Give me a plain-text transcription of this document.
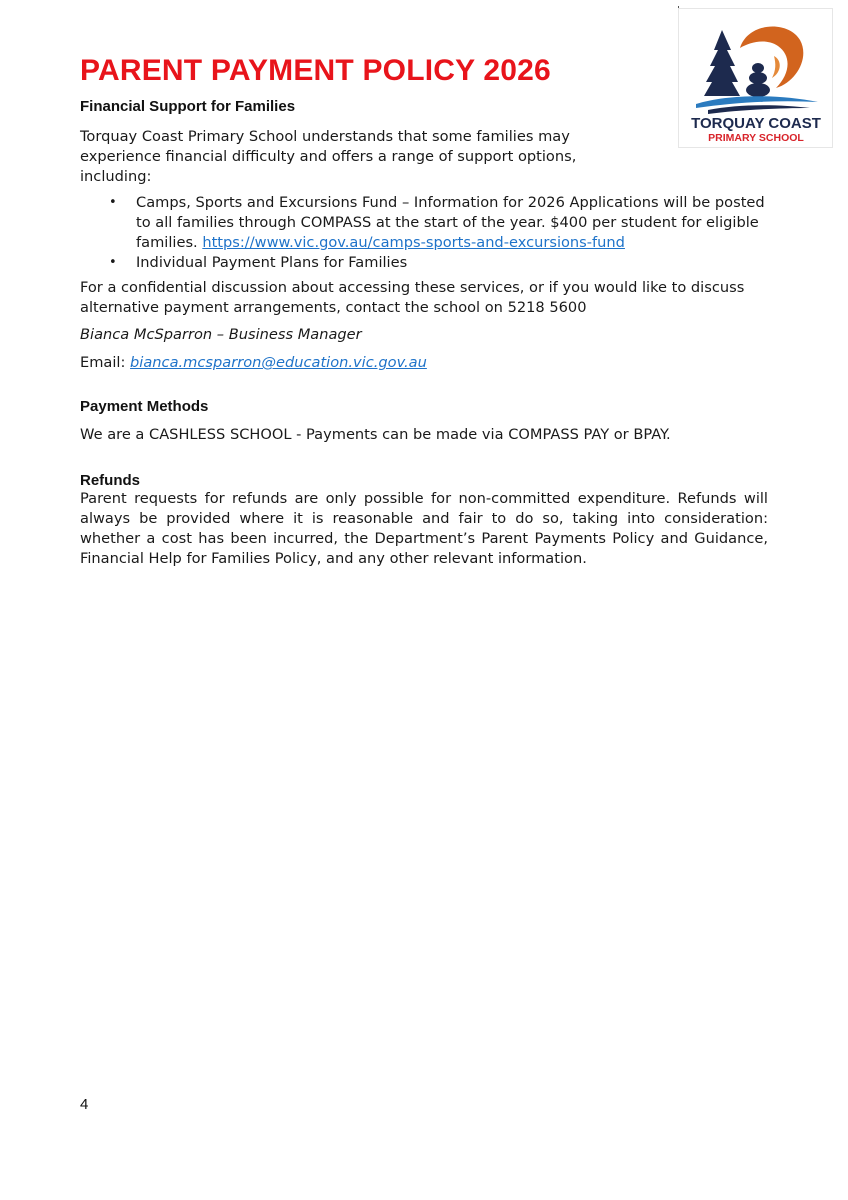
PARENT PAYMENT POLICY 2026
TORQUAY COAST
PRIMARY SCHOOL
Financial Support for Families

Torquay Coast Primary School understands that some families may experience financial difficulty and offers a range of support options, including:

• Camps, Sports and Excursions Fund – Information for 2026 Applications will be posted to all families through COMPASS at the start of the year. $400 per student for eligible families. https://www.vic.gov.au/camps-sports-and-excursions-fund
• Individual Payment Plans for Families

For a confidential discussion about accessing these services, or if you would like to discuss alternative payment arrangements, contact the school on 5218 5600

Bianca McSparron – Business Manager

Email: bianca.mcsparron@education.vic.gov.au

Payment Methods

We are a CASHLESS SCHOOL - Payments can be made via COMPASS PAY or BPAY.

Refunds

Parent requests for refunds are only possible for non-committed expenditure. Refunds will always be provided where it is reasonable and fair to do so, taking into consideration: whether a cost has been incurred, the Department’s Parent Payments Policy and Guidance, Financial Help for Families Policy, and any other relevant information.

4
